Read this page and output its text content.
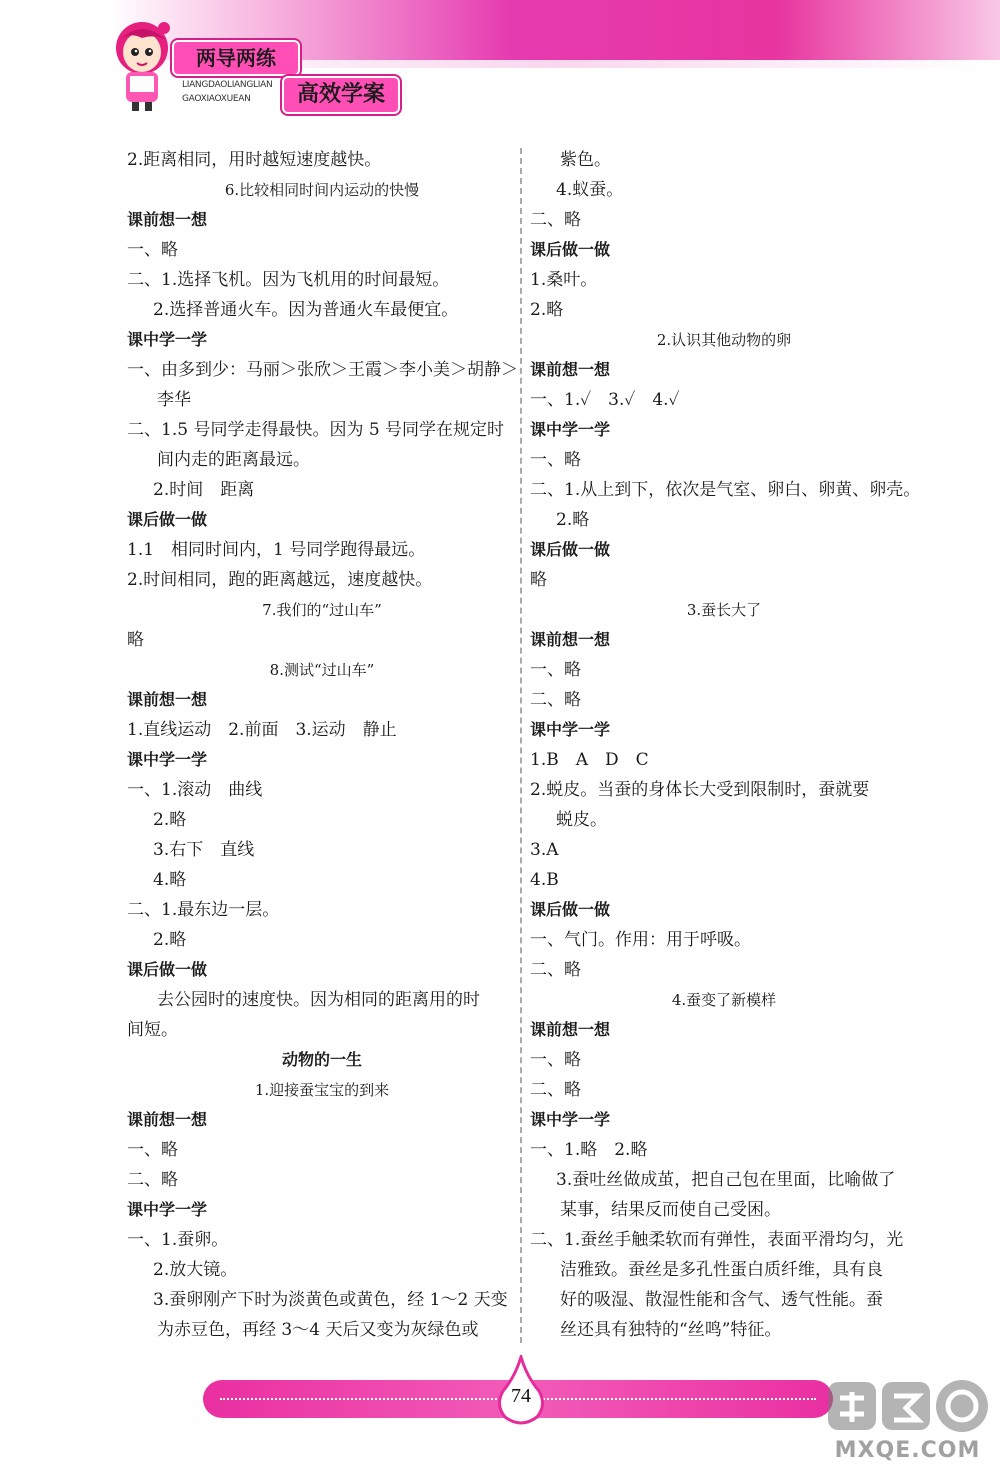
两导两练
LIANGDAOLIANGLIAN
GAOXIAOXUEAN	高效学案
2.距离相同，用时越短速度越快。
6.比较相同时间内运动的快慢
课前想一想
一、略
二、1.选择飞机。因为飞机用的时间最短。
2.选择普通火车。因为普通火车最便宜。
课中学一学
一、由多到少：马丽＞张欣＞王霞＞李小美＞胡静＞
李华
二、1.5 号同学走得最快。因为 5 号同学在规定时
间内走的距离最远。
2.时间　距离
课后做一做
1.1　相同时间内，1 号同学跑得最远。
2.时间相同，跑的距离越远，速度越快。
7.我们的“过山车”
略
8.测试“过山车”
课前想一想
1.直线运动　2.前面　3.运动　静止
课中学一学
一、1.滚动　曲线
2.略
3.右下　直线
4.略
二、1.最东边一层。
2.略
课后做一做
去公园时的速度快。因为相同的距离用的时
间短。
动物的一生
1.迎接蚕宝宝的到来
课前想一想
一、略
二、略
课中学一学
一、1.蚕卵。
2.放大镜。
3.蚕卵刚产下时为淡黄色或黄色，经 1～2 天变
为赤豆色，再经 3～4 天后又变为灰绿色或
紫色。
4.蚁蚕。
二、略
课后做一做
1.桑叶。
2.略
2.认识其他动物的卵
课前想一想
一、1.✓　3.✓　4.✓
课中学一学
一、略
二、1.从上到下，依次是气室、卵白、卵黄、卵壳。
2.略
课后做一做
略
3.蚕长大了
课前想一想
一、略
二、略
课中学一学
1.B　A　D　C
2.蜕皮。当蚕的身体长大受到限制时，蚕就要
蜕皮。
3.A
4.B
课后做一做
一、气门。作用：用于呼吸。
二、略
4.蚕变了新模样
课前想一想
一、略
二、略
课中学一学
一、1.略　2.略
3.蚕吐丝做成茧，把自己包在里面，比喻做了
某事，结果反而使自己受困。
二、1.蚕丝手触柔软而有弹性，表面平滑均匀，光
洁雅致。蚕丝是多孔性蛋白质纤维，具有良
好的吸湿、散湿性能和含气、透气性能。蚕
丝还具有独特的“丝鸣”特征。
74
MXQE.COM
